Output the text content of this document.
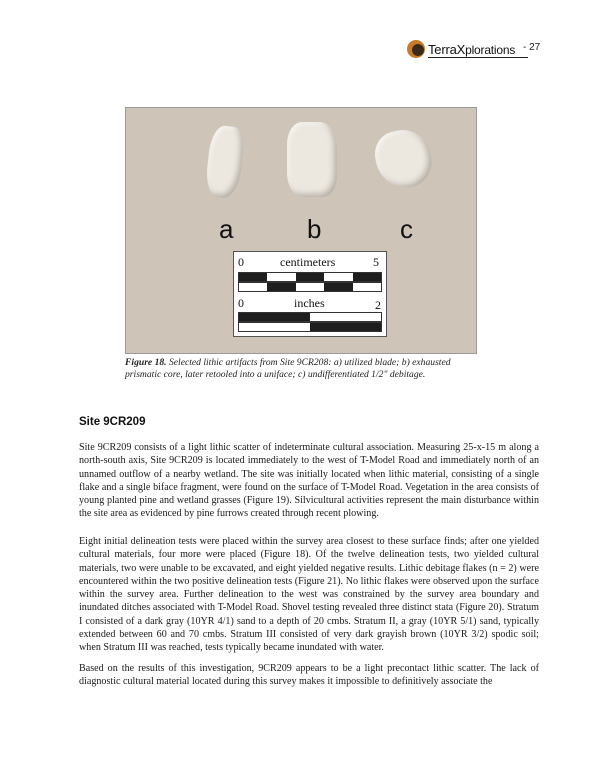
TerraXplorations - 27
a	b	c
0	centimeters	5
0	inches	2

Figure 18. Selected lithic artifacts from Site 9CR208: a) utilized blade; b) exhausted prismatic core, later retooled into a uniface; c) undifferentiated 1/2" debitage.

Site 9CR209

Site 9CR209 consists of a light lithic scatter of indeterminate cultural association. Measuring 25-x-15 m along a north-south axis, Site 9CR209 is located immediately to the west of T-Model Road and immediately north of an unnamed outflow of a nearby wetland. The site was initially located when lithic material, consisting of a single flake and a single biface fragment, were found on the surface of T-Model Road. Vegetation in the area consists of young planted pine and wetland grasses (Figure 19). Silvicultural activities represent the main disturbance within the site area as evidenced by pine furrows created through recent plowing.

Eight initial delineation tests were placed within the survey area closest to these surface finds; after one yielded cultural materials, four more were placed (Figure 18). Of the twelve delineation tests, two yielded cultural materials, two were unable to be excavated, and eight yielded negative results. Lithic debitage flakes (n = 2) were encountered within the two positive delineation tests (Figure 21). No lithic flakes were observed upon the surface within the survey area. Further delineation to the west was constrained by the survey area boundary and inundated ditches associated with T-Model Road. Shovel testing revealed three distinct stata (Figure 20). Stratum I consisted of a dark gray (10YR 4/1) sand to a depth of 20 cmbs. Stratum II, a gray (10YR 5/1) sand, typically extended between 60 and 70 cmbs. Stratum III consisted of very dark grayish brown (10YR 3/2) spodic soil; when Stratum III was reached, tests typically became inundated with water.

Based on the results of this investigation, 9CR209 appears to be a light precontact lithic scatter. The lack of diagnostic cultural material located during this survey makes it impossible to definitively associate the
